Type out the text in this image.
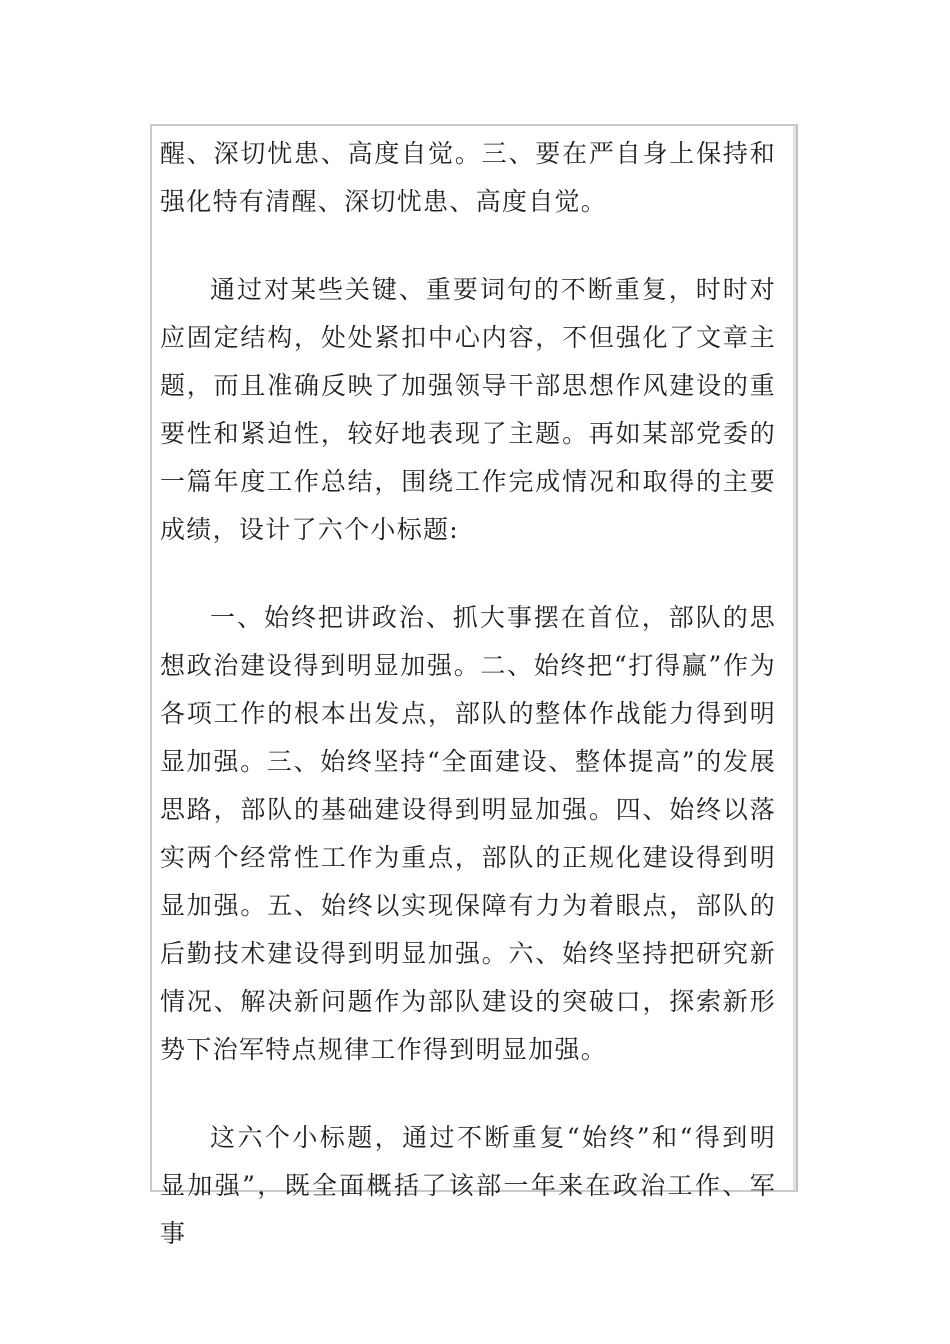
醒、深切忧患、高度自觉。三、要在严自身上保持和强化特有清醒、深切忧患、高度自觉。

通过对某些关键、重要词句的不断重复，时时对应固定结构，处处紧扣中心内容，不但强化了文章主题，而且准确反映了加强领导干部思想作风建设的重要性和紧迫性，较好地表现了主题。再如某部党委的一篇年度工作总结，围绕工作完成情况和取得的主要成绩，设计了六个小标题:

一、始终把讲政治、抓大事摆在首位，部队的思想政治建设得到明显加强。二、始终把“打得赢”作为各项工作的根本出发点，部队的整体作战能力得到明显加强。三、始终坚持“全面建设、整体提高”的发展思路，部队的基础建设得到明显加强。四、始终以落实两个经常性工作为重点，部队的正规化建设得到明显加强。五、始终以实现保障有力为着眼点，部队的后勤技术建设得到明显加强。六、始终坚持把研究新情况、解决新问题作为部队建设的突破口，探索新形势下治军特点规律工作得到明显加强。

这六个小标题，通过不断重复“始终”和“得到明显加强”，既全面概括了该部一年来在政治工作、军事
